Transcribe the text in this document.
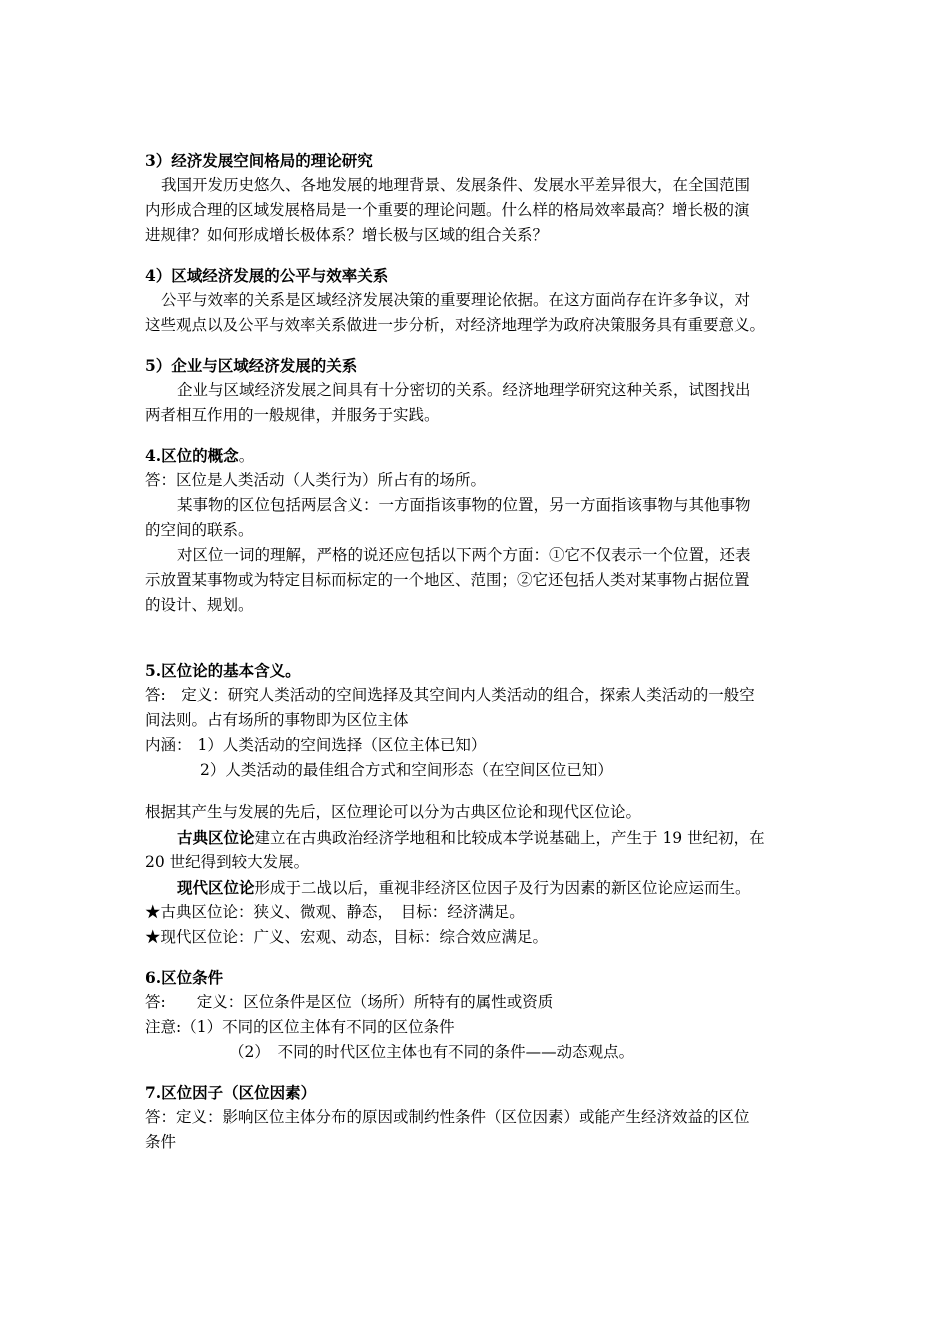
3）经济发展空间格局的理论研究
我国开发历史悠久、各地发展的地理背景、发展条件、发展水平差异很大，在全国范围
内形成合理的区域发展格局是一个重要的理论问题。什么样的格局效率最高？增长极的演
进规律？如何形成增长极体系？增长极与区域的组合关系？
4）区域经济发展的公平与效率关系
公平与效率的关系是区域经济发展决策的重要理论依据。在这方面尚存在许多争议，对
这些观点以及公平与效率关系做进一步分析，对经济地理学为政府决策服务具有重要意义。
5）企业与区域经济发展的关系
企业与区域经济发展之间具有十分密切的关系。经济地理学研究这种关系，试图找出
两者相互作用的一般规律，并服务于实践。
4.区位的概念。
答：区位是人类活动（人类行为）所占有的场所。
某事物的区位包括两层含义：一方面指该事物的位置，另一方面指该事物与其他事物
的空间的联系。
对区位一词的理解，严格的说还应包括以下两个方面：①它不仅表示一个位置，还表
示放置某事物或为特定目标而标定的一个地区、范围；②它还包括人类对某事物占据位置
的设计、规划。
5.区位论的基本含义。
答:　定义：研究人类活动的空间选择及其空间内人类活动的组合，探索人类活动的一般空
间法则。占有场所的事物即为区位主体
内涵： 1）人类活动的空间选择（区位主体已知）
2）人类活动的最佳组合方式和空间形态（在空间区位已知）
根据其产生与发展的先后，区位理论可以分为古典区位论和现代区位论。
古典区位论建立在古典政治经济学地租和比较成本学说基础上，产生于 19 世纪初，在
20 世纪得到较大发展。
现代区位论形成于二战以后，重视非经济区位因子及行为因素的新区位论应运而生。
★古典区位论：狭义、微观、静态，　目标：经济满足。
★现代区位论：广义、宏观、动态，目标：综合效应满足。
6.区位条件
答:　　定义：区位条件是区位（场所）所特有的属性或资质
注意:（1）不同的区位主体有不同的区位条件
（2）　不同的时代区位主体也有不同的条件——动态观点。
7.区位因子（区位因素）
答：定义：影响区位主体分布的原因或制约性条件（区位因素）或能产生经济效益的区位
条件
